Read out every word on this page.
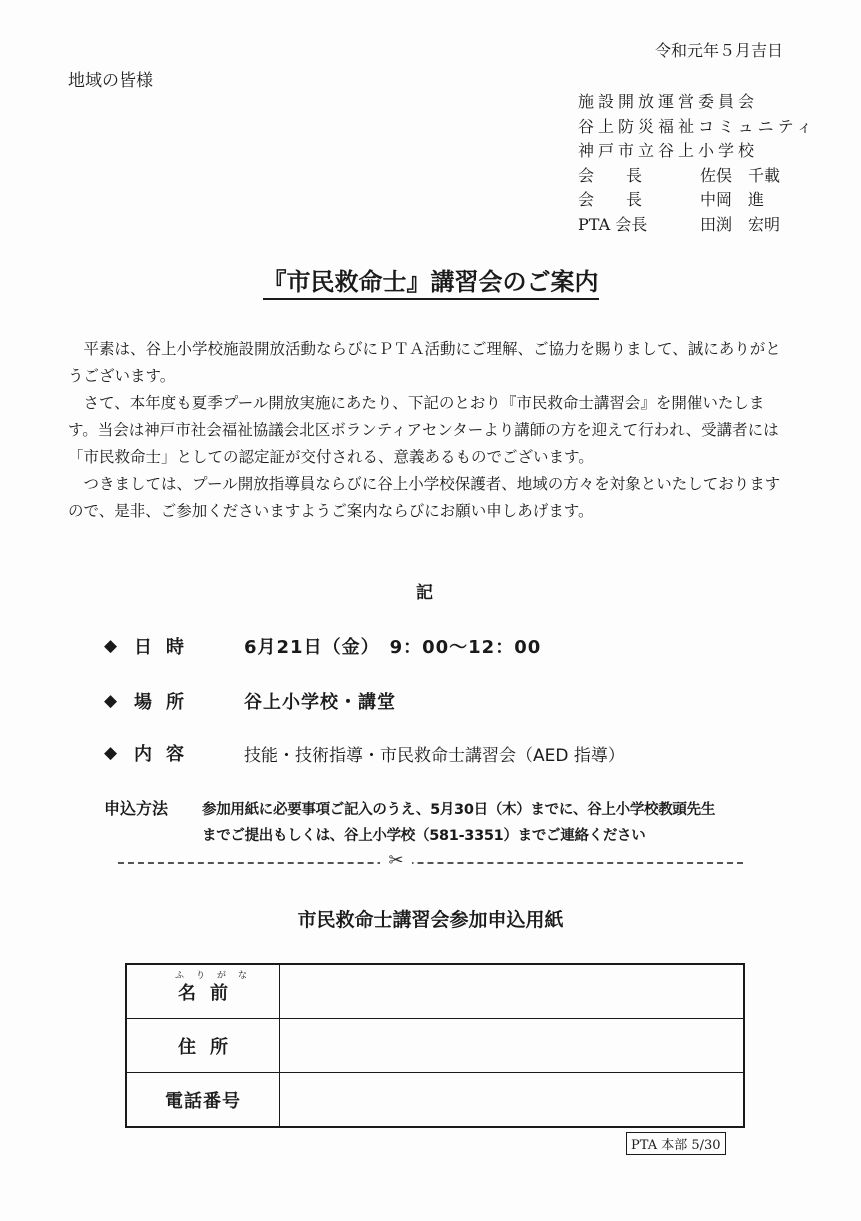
令和元年５月吉日
地域の皆様
施設開放運営委員会
谷上防災福祉コミュニティ
神戸市立谷上小学校
会　　長	佐俣　千載
会　　長	中岡　進
PTA 会長	田渕　宏明
『市民救命士』講習会のご案内

平素は、谷上小学校施設開放活動ならびにＰＴＡ活動にご理解、ご協力を賜りまして、誠にありがとうございます。

さて、本年度も夏季プール開放実施にあたり、下記のとおり『市民救命士講習会』を開催いたします。当会は神戸市社会福祉協議会北区ボランティアセンターより講師の方を迎えて行われ、受講者には「市民救命士」としての認定証が交付される、意義あるものでございます。

つきましては、プール開放指導員ならびに谷上小学校保護者、地域の方々を対象といたしておりますので、是非、ご参加くださいますようご案内ならびにお願い申しあげます。

記
◆ 日時	6月21日（金）　9：00～12：00
◆ 場所	谷上小学校・講堂
◆ 内容	技能・技術指導・市民救命士講習会（AED 指導）
申込方法 参加用紙に必要事項ご記入のうえ、5月30日（木）までに、谷上小学校教頭先生
までご提出もしくは、谷上小学校（581‐3351）までご連絡ください
✂
市民救命士講習会参加申込用紙
ふりがな
名前	
住所	
電話番号	
PTA 本部 5/30
